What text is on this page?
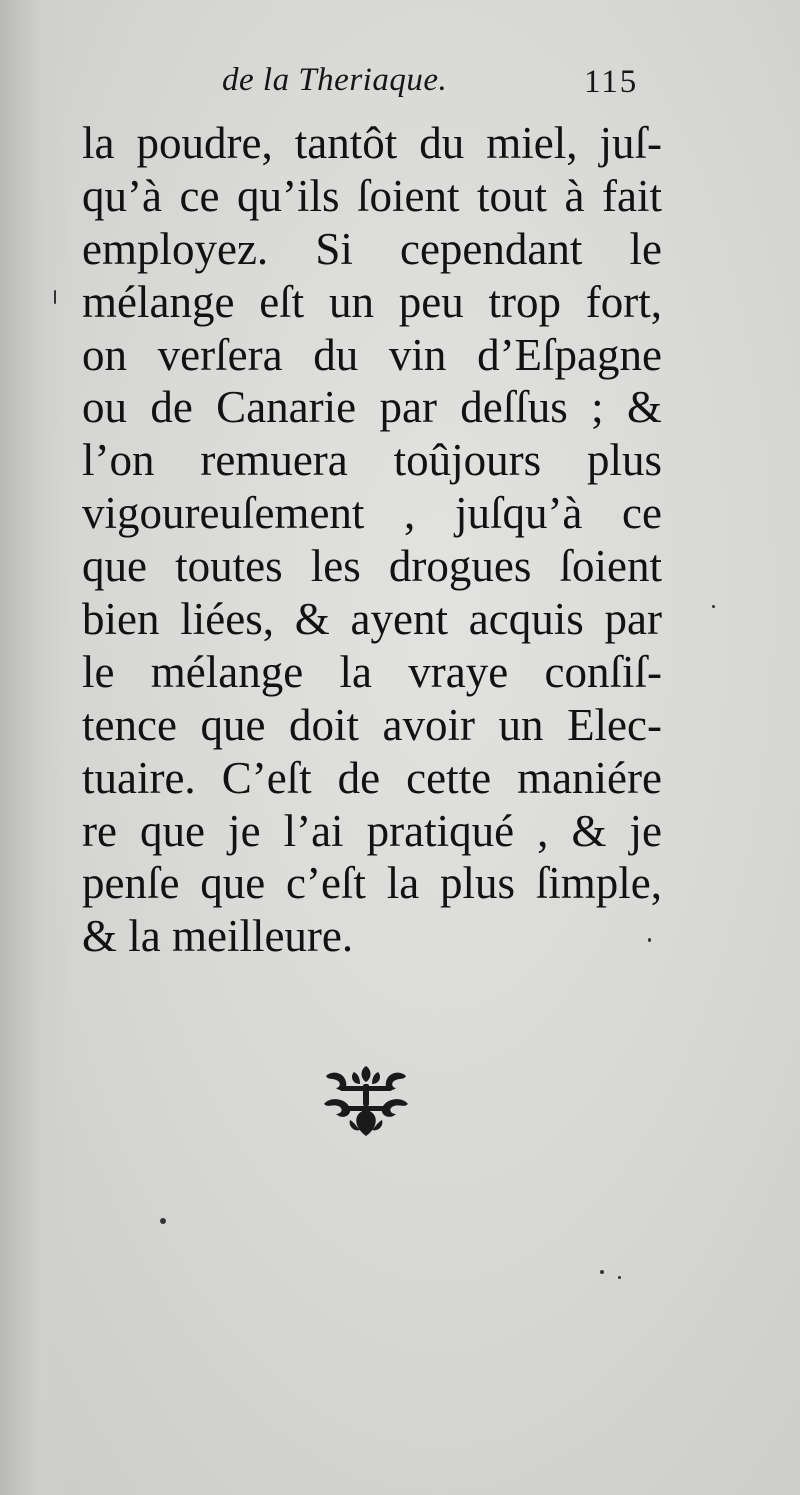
de la Theriaque.	115
la poudre, tantôt du miel, juſ-
qu’à ce qu’ils ſoient tout à fait
employez. Si cependant le
mélange eſt un peu trop fort,
on verſera du vin d’Eſpagne
ou de Canarie par deſſus ; &
l’on remuera toûjours plus
vigoureuſement , juſqu’à ce
que toutes les drogues ſoient
bien liées, & ayent acquis par
le mélange la vraye conſiſ-
tence que doit avoir un Elec-
tuaire. C’eſt de cette maniére
re que je l’ai pratiqué , & je
penſe que c’eſt la plus ſimple,
& la meilleure.
